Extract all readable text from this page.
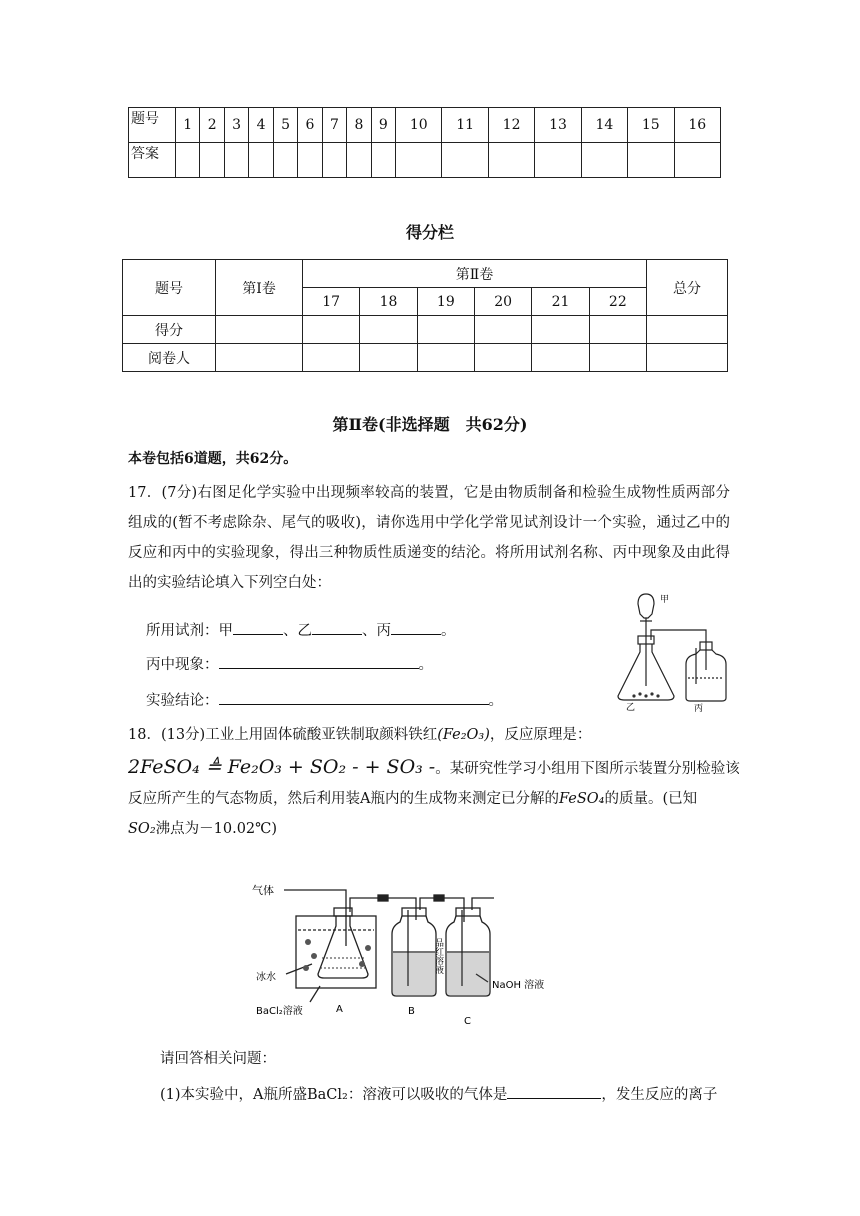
题号	1	2	3	4	5	6	7	8	9	10	11	12	13	14	15	16
答案																
得分栏
题号	第Ⅰ卷	第Ⅱ卷						总分
		17	18	19	20	21	22	
得分								
阅卷人								
第Ⅱ卷(非选择题　共62分)
本卷包括6道题，共62分。
17．(7分)右图足化学实验中出现频率较高的装置，它是由物质制备和检验生成物性质两部分组成的(暂不考虑除杂、尾气的吸收)，请你选用中学化学常见试剂设计一个实验，通过乙中的反应和丙中的实验现象，得出三种物质性质递变的结沦。将所用试剂名称、丙中现象及由此得出的实验结论填入下列空白处：
所用试剂：甲	、乙	、丙	。
丙中现象：	。
实验结论：	。
甲
乙	丙
18．(13分)工业上用固体硫酸亚铁制取颜料铁红(Fe₂O₃)，反应原理是：
2FeSO₄ ≜ Fe₂O₃ + SO₂ - + SO₃ -。某研究性学习小组用下图所示装置分别检验该反应所产生的气态物质，然后利用装A瓶内的生成物来测定已分解的FeSO₄的质量。(已知
SO₂沸点为－10.02℃)
气体
冰水
BaCl₂溶液
品红溶液
NaOH 溶液
A	B
C
请回答相关问题：
(1)本实验中，A瓶所盛BaCl₂：溶液可以吸收的气体是	，发生反应的离子
